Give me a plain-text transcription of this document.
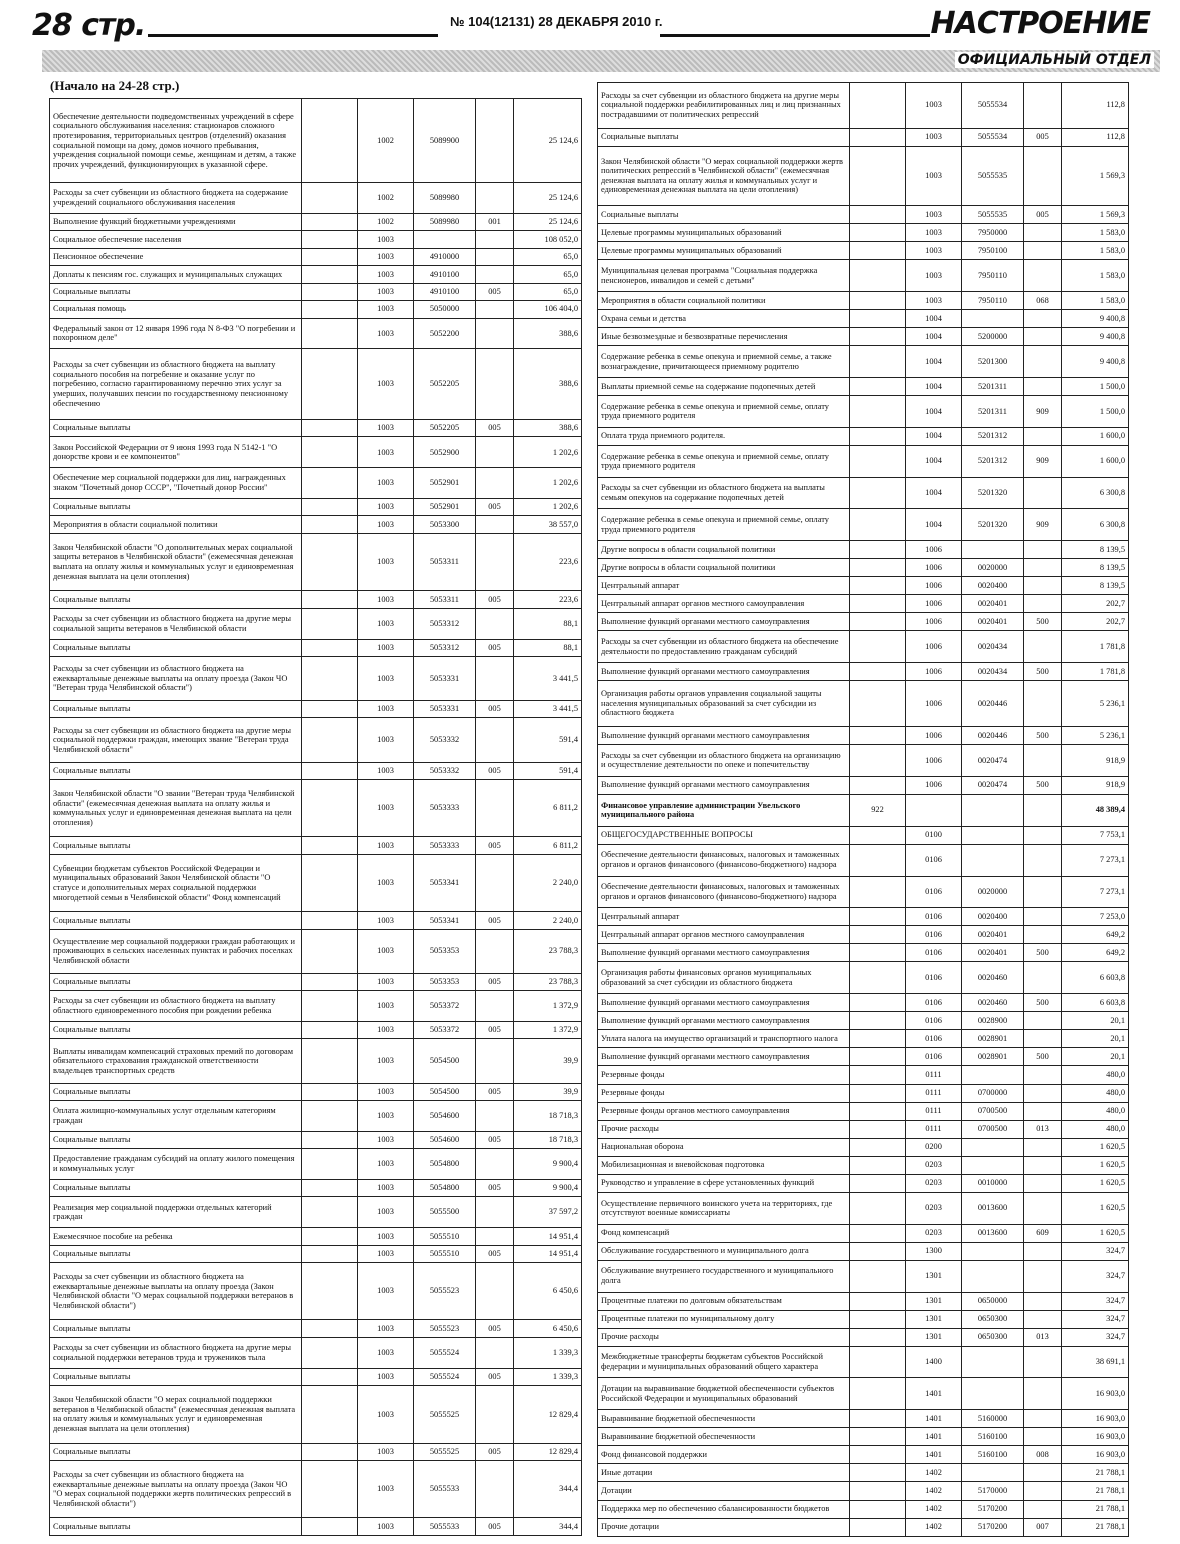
28 стр.	№ 104(12131) 28 ДЕКАБРЯ 2010 г.	НАСТРОЕНИЕ
ОФИЦИАЛЬНЫЙ ОТДЕЛ
(Начало на 24-28 стр.)
Обеспечение деятельности подведомственных учреждений в сфере социального обслуживания населения: стационаров сложного протезирования, территориальных центров (отделений) оказания социальной помощи на дому, домов ночного пребывания, учреждения социальной помощи семье, женщинам и детям, а также прочих учреждений, функционирующих в указанной сфере.		1002	5089900		25 124,6
Расходы за счет субвенции из областного бюджета на содержание учреждений социального обслуживания населения		1002	5089980		25 124,6
Выполнение функций бюджетными учреждениями		1002	5089980	001	25 124,6
Социальное обеспечение населения		1003			108 052,0
Пенсионное обеспечение		1003	4910000		65,0
Доплаты к пенсиям гос. служащих и муниципальных служащих		1003	4910100		65,0
Социальные выплаты		1003	4910100	005	65,0
Социальная помощь		1003	5050000		106 404,0
Федеральный закон от 12 января 1996 года N 8-ФЗ "О погребении и похоронном деле"		1003	5052200		388,6
Расходы за счет субвенции из областного бюджета на выплату социального пособия на погребение и оказание услуг по погребению, согласно гарантированному перечню этих услуг за умерших, получавших пенсии по государственному пенсионному обеспечению		1003	5052205		388,6
Социальные выплаты		1003	5052205	005	388,6
Закон Российской Федерации от 9 июня 1993 года N 5142-1 "О донорстве крови и ее компонентов"		1003	5052900		1 202,6
Обеспечение мер социальной поддержки для лиц, награжденных знаком "Почетный донор СССР", "Почетный донор России"		1003	5052901		1 202,6
Социальные выплаты		1003	5052901	005	1 202,6
Мероприятия в области социальной политики		1003	5053300		38 557,0
Закон Челябинской области "О дополнительных мерах социальной защиты ветеранов в Челябинской области" (ежемесячная денежная выплата на оплату жилья и коммунальных услуг и единовременная денежная выплата на цели отопления)		1003	5053311		223,6
Социальные выплаты		1003	5053311	005	223,6
Расходы за счет субвенции из областного бюджета на другие меры социальной защиты ветеранов в Челябинской области		1003	5053312		88,1
Социальные выплаты		1003	5053312	005	88,1
Расходы за счет субвенции из областного бюджета на ежеквартальные денежные выплаты на оплату проезда (Закон ЧО "Ветеран труда Челябинской области")		1003	5053331		3 441,5
Социальные выплаты		1003	5053331	005	3 441,5
Расходы за счет субвенции из областного бюджета на другие меры социальной поддержки граждан, имеющих звание "Ветеран труда Челябинской области"		1003	5053332		591,4
Социальные выплаты		1003	5053332	005	591,4
Закон Челябинской области "О звании "Ветеран труда Челябинской области" (ежемесячная денежная выплата на оплату жилья и коммунальных услуг и единовременная денежная выплата на цели отопления)		1003	5053333		6 811,2
Социальные выплаты		1003	5053333	005	6 811,2
Субвенции бюджетам субъектов Российской Федерации и муниципальных образований Закон Челябинской области "О статусе и дополнительных мерах социальной поддержки многодетной семьи в Челябинской области" Фонд компенсаций		1003	5053341		2 240,0
Социальные выплаты		1003	5053341	005	2 240,0
Осуществление мер социальной поддержки граждан работающих и проживающих в сельских населенных пунктах и рабочих поселках Челябинской области		1003	5053353		23 788,3
Социальные выплаты		1003	5053353	005	23 788,3
Расходы за счет субвенции из областного бюджета на выплату областного единовременного пособия при рождении ребенка		1003	5053372		1 372,9
Социальные выплаты		1003	5053372	005	1 372,9
Выплаты инвалидам компенсаций страховых премий по договорам обязательного страхования гражданской ответственности владельцев транспортных средств		1003	5054500		39,9
Социальные выплаты		1003	5054500	005	39,9
Оплата жилищно-коммунальных услуг отдельным категориям граждан		1003	5054600		18 718,3
Социальные выплаты		1003	5054600	005	18 718,3
Предоставление гражданам субсидий на оплату жилого помещения и коммунальных услуг		1003	5054800		9 900,4
Социальные выплаты		1003	5054800	005	9 900,4
Реализация мер социальной поддержки отдельных категорий граждан		1003	5055500		37 597,2
Ежемесячное пособие на ребенка		1003	5055510		14 951,4
Социальные выплаты		1003	5055510	005	14 951,4
Расходы за счет субвенции из областного бюджета на ежеквартальные денежные выплаты на оплату проезда (Закон Челябинской области "О мерах социальной поддержки ветеранов в Челябинской области")		1003	5055523		6 450,6
Социальные выплаты		1003	5055523	005	6 450,6
Расходы за счет субвенции из областного бюджета на другие меры социальной поддержки ветеранов труда и тружеников тыла		1003	5055524		1 339,3
Социальные выплаты		1003	5055524	005	1 339,3
Закон Челябинской области "О мерах социальной поддержки ветеранов в Челябинской области" (ежемесячная денежная выплата на оплату жилья и коммунальных услуг и единовременная денежная выплата на цели отопления)		1003	5055525		12 829,4
Социальные выплаты		1003	5055525	005	12 829,4
Расходы за счет субвенции из областного бюджета на ежеквартальные денежные выплаты на оплату проезда (Закон ЧО "О мерах социальной поддержки жертв политических репрессий в Челябинской области")		1003	5055533		344,4
Социальные выплаты		1003	5055533	005	344,4
Расходы за счет субвенции из областного бюджета на другие меры социальной поддержки реабилитированных лиц и лиц признанных пострадавшими от политических репрессий		1003	5055534		112,8
Социальные выплаты		1003	5055534	005	112,8
Закон Челябинской области "О мерах социальной поддержки жертв политических репрессий в Челябинской области" (ежемесячная денежная выплата на оплату жилья и коммунальных услуг и единовременная денежная выплата на цели отопления)		1003	5055535		1 569,3
Социальные выплаты		1003	5055535	005	1 569,3
Целевые программы муниципальных образований		1003	7950000		1 583,0
Целевые программы муниципальных образований		1003	7950100		1 583,0
Муниципальная целевая программа "Социальная поддержка пенсионеров, инвалидов и семей с детьми"		1003	7950110		1 583,0
Мероприятия в области социальной политики		1003	7950110	068	1 583,0
Охрана семьи и детства		1004			9 400,8
Иные безвозмездные и безвозвратные перечисления		1004	5200000		9 400,8
Содержание ребенка в семье опекуна и приемной семье, а также вознаграждение, причитающееся приемному родителю		1004	5201300		9 400,8
Выплаты приемной семье на содержание подопечных детей		1004	5201311		1 500,0
Содержание ребенка в семье опекуна и приемной семье, оплату труда приемного родителя		1004	5201311	909	1 500,0
Оплата труда приемного родителя.		1004	5201312		1 600,0
Содержание ребенка в семье опекуна и приемной семье, оплату труда приемного родителя		1004	5201312	909	1 600,0
Расходы за счет субвенции из областного бюджета на выплаты семьям опекунов на содержание подопечных детей		1004	5201320		6 300,8
Содержание ребенка в семье опекуна и приемной семье, оплату труда приемного родителя		1004	5201320	909	6 300,8
Другие вопросы в области социальной политики		1006			8 139,5
Другие вопросы в области социальной политики		1006	0020000		8 139,5
Центральный аппарат		1006	0020400		8 139,5
Центральный аппарат органов местного самоуправления		1006	0020401		202,7
Выполнение функций органами местного самоуправления		1006	0020401	500	202,7
Расходы за счет субвенции из областного бюджета на обеспечение деятельности по предоставлению гражданам субсидий		1006	0020434		1 781,8
Выполнение функций органами местного самоуправления		1006	0020434	500	1 781,8
Организация работы органов управления социальной защиты населения муниципальных образований за счет субсидии из областного бюджета		1006	0020446		5 236,1
Выполнение функций органами местного самоуправления		1006	0020446	500	5 236,1
Расходы за счет субвенции из областного бюджета на организацию и осуществление деятельности по опеке и попечительству		1006	0020474		918,9
Выполнение функций органами местного самоуправления		1006	0020474	500	918,9
Финансовое управление администрации Увельского муниципального района	922				48 389,4
ОБЩЕГОСУДАРСТВЕННЫЕ ВОПРОСЫ		0100			7 753,1
Обеспечение деятельности финансовых, налоговых и таможенных органов и органов финансового (финансово-бюджетного) надзора		0106			7 273,1
Обеспечение деятельности финансовых, налоговых и таможенных органов и органов финансового (финансово-бюджетного) надзора		0106	0020000		7 273,1
Центральный аппарат		0106	0020400		7 253,0
Центральный аппарат органов местного самоуправления		0106	0020401		649,2
Выполнение функций органами местного самоуправления		0106	0020401	500	649,2
Организация работы финансовых органов муниципальных образований за счет субсидии из областного бюджета		0106	0020460		6 603,8
Выполнение функций органами местного самоуправления		0106	0020460	500	6 603,8
Выполнение функций органами местного самоуправления		0106	0028900		20,1
Уплата налога на имущество организаций и транспортного налога		0106	0028901		20,1
Выполнение функций органами местного самоуправления		0106	0028901	500	20,1
Резервные фонды		0111			480,0
Резервные фонды		0111	0700000		480,0
Резервные фонды органов местного самоуправления		0111	0700500		480,0
Прочие расходы		0111	0700500	013	480,0
Национальная оборона		0200			1 620,5
Мобилизационная и вневойсковая подготовка		0203			1 620,5
Руководство и управление в сфере установленных функций		0203	0010000		1 620,5
Осуществление первичного воинского учета на территориях, где отсутствуют военные комиссариаты		0203	0013600		1 620,5
Фонд компенсаций		0203	0013600	609	1 620,5
Обслуживание государственного и муниципального долга		1300			324,7
Обслуживание внутреннего государственного и муниципального долга		1301			324,7
Процентные платежи по долговым обязательствам		1301	0650000		324,7
Процентные платежи по муниципальному долгу		1301	0650300		324,7
Прочие расходы		1301	0650300	013	324,7
Межбюджетные трансферты бюджетам субъектов Российской федерации и муниципальных образований общего характера		1400			38 691,1
Дотации на выравнивание бюджетной обеспеченности субъектов Российской Федерации и муниципальных образований		1401			16 903,0
Выравнивание бюджетной обеспеченности		1401	5160000		16 903,0
Выравнивание бюджетной обеспеченности		1401	5160100		16 903,0
Фонд финансовой поддержки		1401	5160100	008	16 903,0
Иные дотации		1402			21 788,1
Дотации		1402	5170000		21 788,1
Поддержка мер по обеспечению сбалансированности бюджетов		1402	5170200		21 788,1
Прочие дотации		1402	5170200	007	21 788,1
